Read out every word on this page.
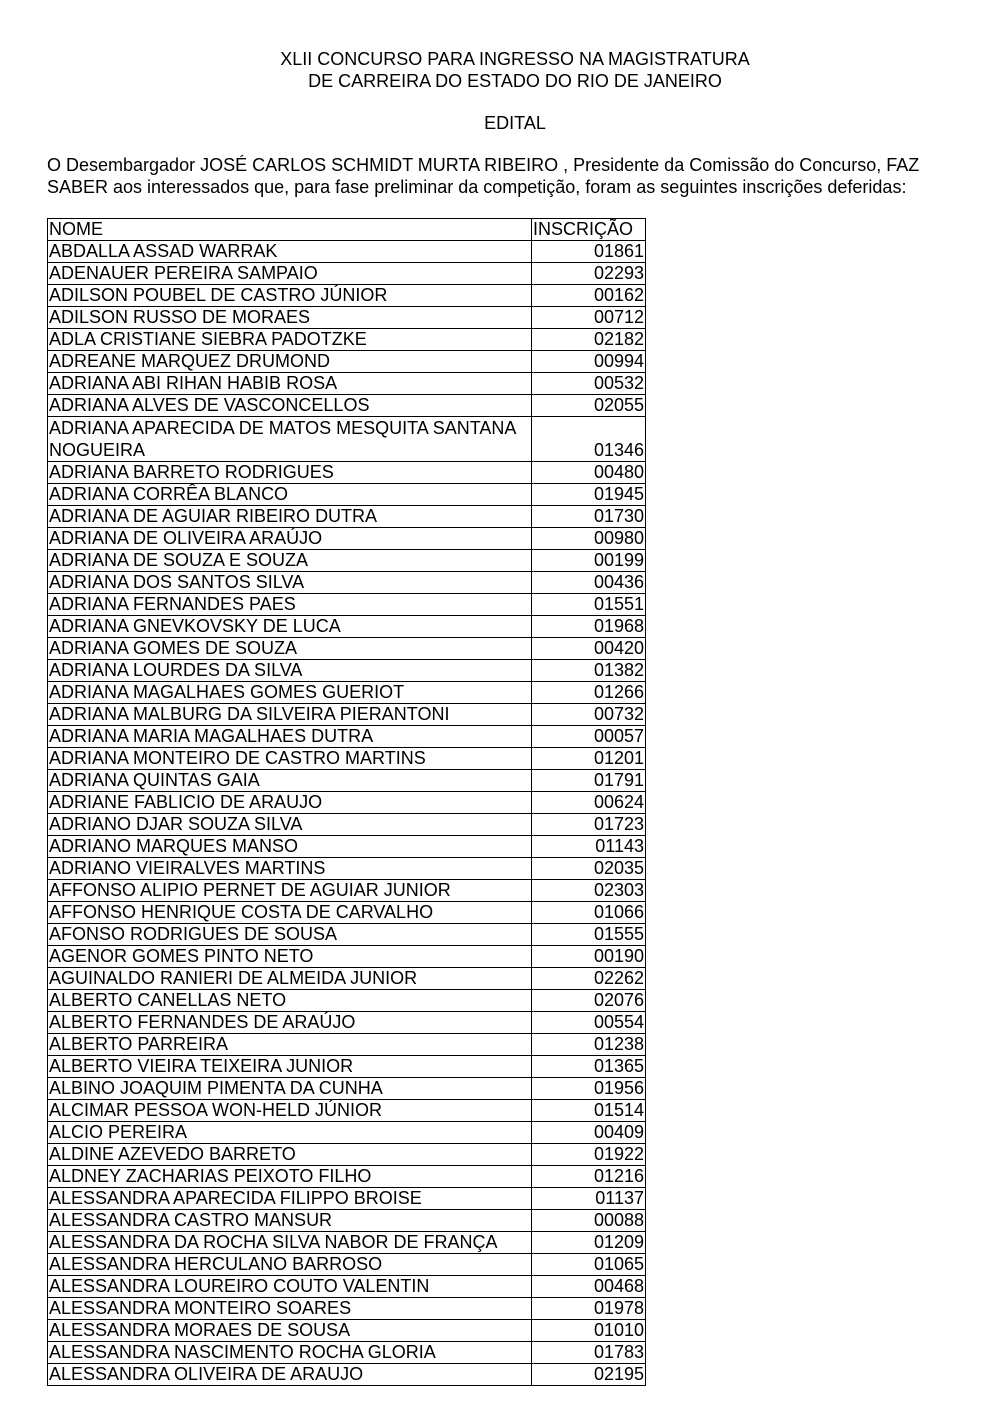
XLII CONCURSO PARA INGRESSO NA MAGISTRATURA
DE CARREIRA DO ESTADO DO RIO DE JANEIRO
EDITAL
O Desembargador JOSÉ CARLOS SCHMIDT MURTA RIBEIRO , Presidente da Comissão do Concurso, FAZ SABER aos interessados que, para fase preliminar da competição, foram as seguintes inscrições deferidas:
NOME	INSCRIÇÃO
ABDALLA ASSAD WARRAK	01861
ADENAUER PEREIRA SAMPAIO	02293
ADILSON POUBEL DE CASTRO JÚNIOR	00162
ADILSON RUSSO DE MORAES	00712
ADLA CRISTIANE SIEBRA PADOTZKE	02182
ADREANE MARQUEZ DRUMOND	00994
ADRIANA ABI RIHAN HABIB ROSA	00532
ADRIANA ALVES DE VASCONCELLOS	02055
ADRIANA APARECIDA DE MATOS MESQUITA SANTANA NOGUEIRA	01346
ADRIANA BARRETO RODRIGUES	00480
ADRIANA CORRÊA BLANCO	01945
ADRIANA DE AGUIAR RIBEIRO DUTRA	01730
ADRIANA DE OLIVEIRA ARAÚJO	00980
ADRIANA DE SOUZA E SOUZA	00199
ADRIANA DOS SANTOS SILVA	00436
ADRIANA FERNANDES PAES	01551
ADRIANA GNEVKOVSKY DE LUCA	01968
ADRIANA GOMES DE SOUZA	00420
ADRIANA LOURDES DA SILVA	01382
ADRIANA MAGALHAES GOMES GUERIOT	01266
ADRIANA MALBURG DA SILVEIRA PIERANTONI	00732
ADRIANA MARIA MAGALHAES DUTRA	00057
ADRIANA MONTEIRO DE CASTRO MARTINS	01201
ADRIANA QUINTAS GAIA	01791
ADRIANE FABLICIO DE ARAUJO	00624
ADRIANO DJAR SOUZA SILVA	01723
ADRIANO MARQUES MANSO	01143
ADRIANO VIEIRALVES MARTINS	02035
AFFONSO ALIPIO PERNET DE AGUIAR JUNIOR	02303
AFFONSO HENRIQUE COSTA DE CARVALHO	01066
AFONSO RODRIGUES DE SOUSA	01555
AGENOR GOMES PINTO NETO	00190
AGUINALDO RANIERI DE ALMEIDA JUNIOR	02262
ALBERTO CANELLAS NETO	02076
ALBERTO FERNANDES DE ARAÚJO	00554
ALBERTO PARREIRA	01238
ALBERTO VIEIRA TEIXEIRA JUNIOR	01365
ALBINO JOAQUIM PIMENTA DA CUNHA	01956
ALCIMAR PESSOA WON-HELD JÚNIOR	01514
ALCIO PEREIRA	00409
ALDINE AZEVEDO BARRETO	01922
ALDNEY ZACHARIAS PEIXOTO FILHO	01216
ALESSANDRA APARECIDA FILIPPO BROISE	01137
ALESSANDRA CASTRO MANSUR	00088
ALESSANDRA DA ROCHA SILVA NABOR DE FRANÇA	01209
ALESSANDRA HERCULANO BARROSO	01065
ALESSANDRA LOUREIRO COUTO VALENTIN	00468
ALESSANDRA MONTEIRO SOARES	01978
ALESSANDRA MORAES DE SOUSA	01010
ALESSANDRA NASCIMENTO ROCHA GLORIA	01783
ALESSANDRA OLIVEIRA DE ARAUJO	02195
